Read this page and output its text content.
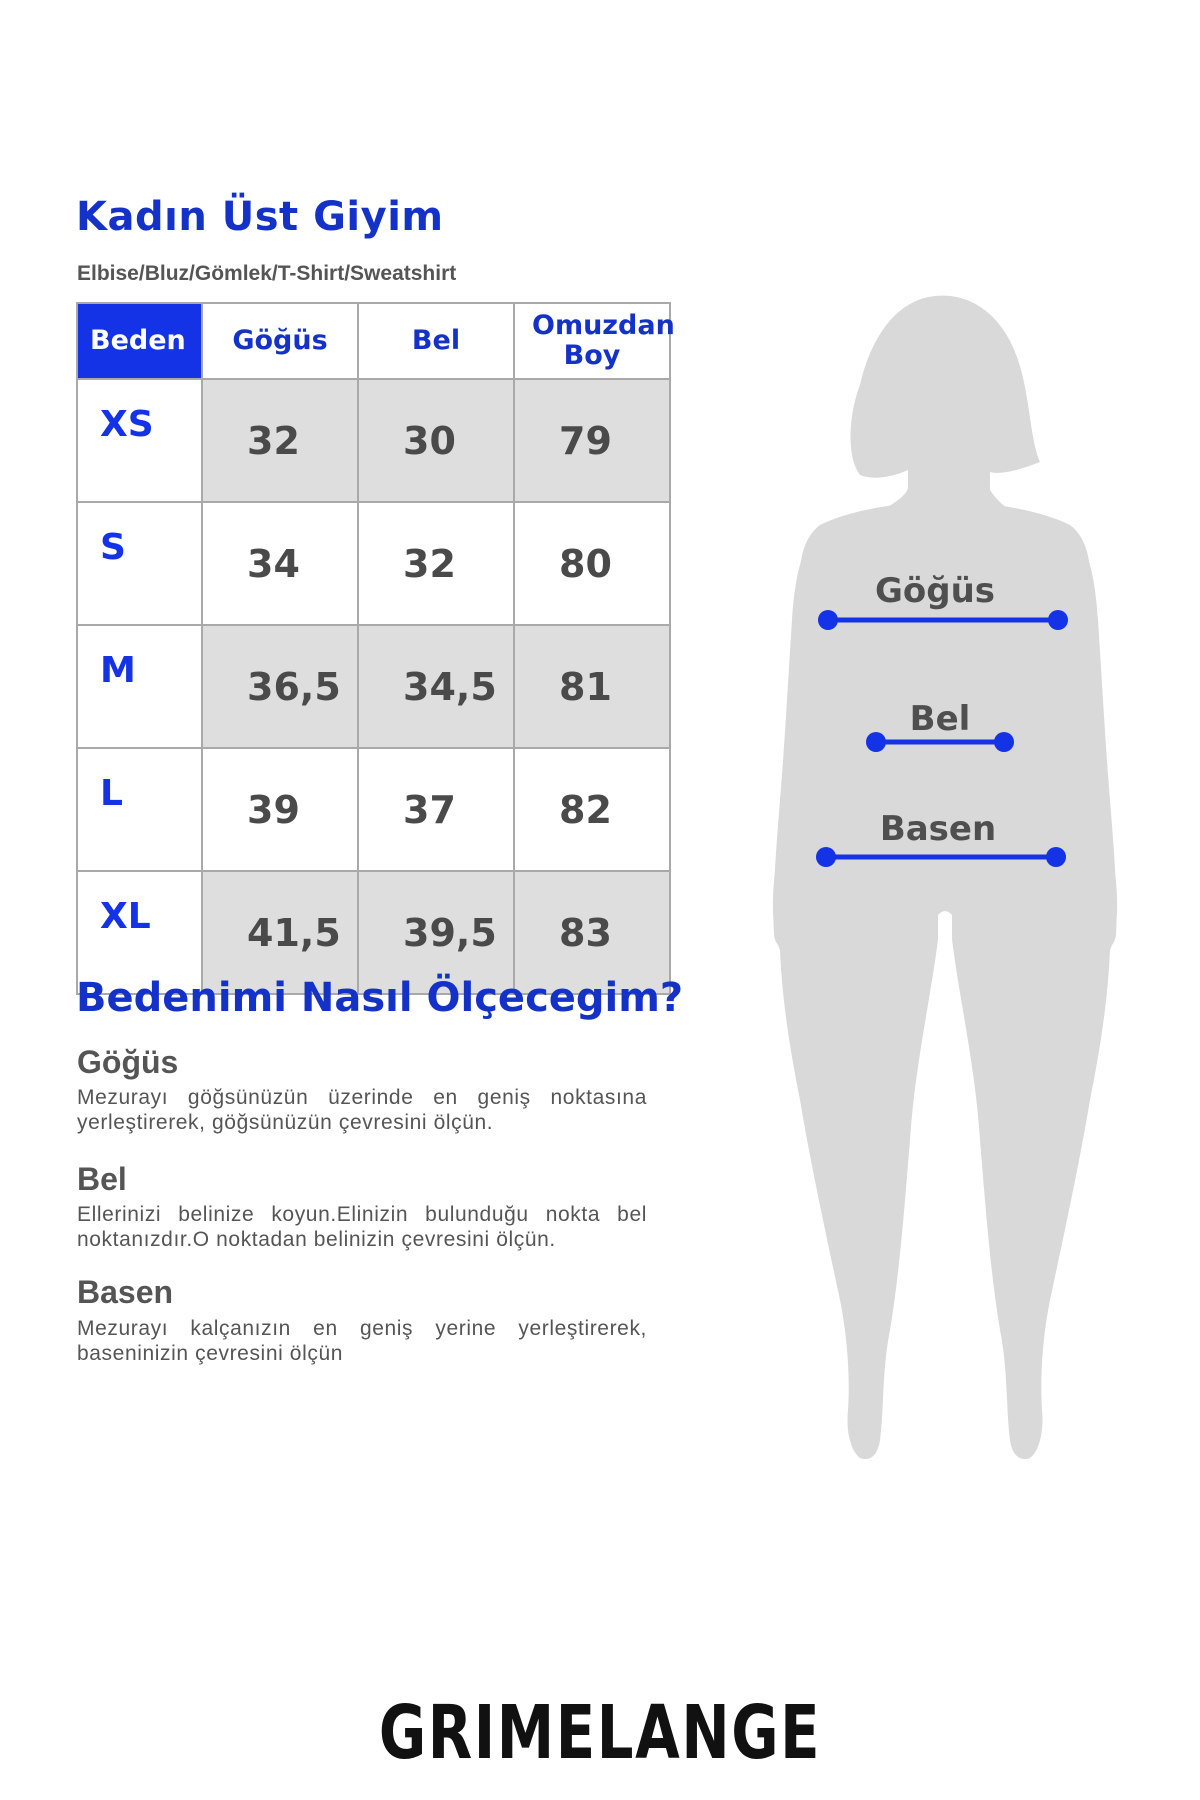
Kadın Üst Giyim
Elbise/Bluz/Gömlek/T-Shirt/Sweatshirt
Beden	Göğüs	Bel	Omuzdan Boy
XS	32	30	79
S	34	32	80
M	36,5	34,5	81
L	39	37	82
XL	41,5	39,5	83
Bedenimi Nasıl Ölçecegim?
Göğüs
Mezurayı göğsünüzün üzerinde en geniş noktasına yerleştirerek, göğsünüzün çevresini ölçün.
Bel
Ellerinizi belinize koyun.Elinizin bulunduğu nokta bel noktanızdır.O noktadan belinizin çevresini ölçün.
Basen
Mezurayı kalçanızın en geniş yerine yerleştirerek, baseninizin çevresini ölçün
Göğüs
Bel
Basen
GRIMELANGE
